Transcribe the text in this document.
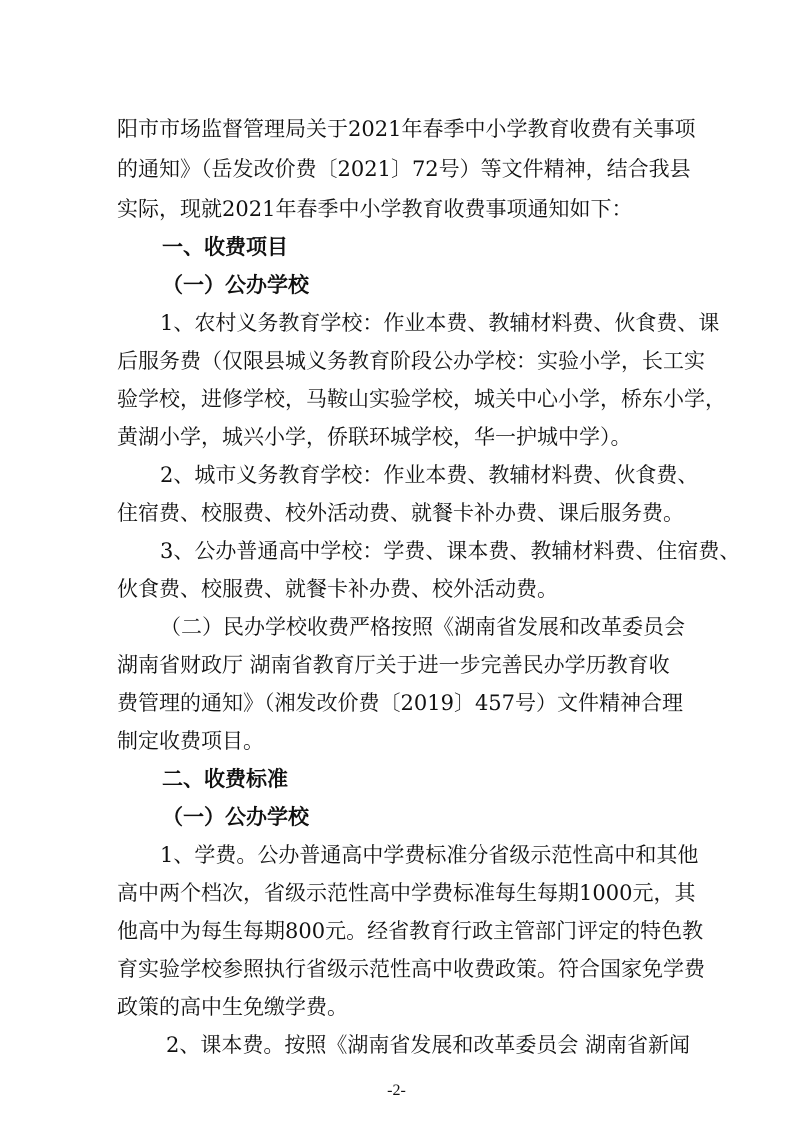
阳市市场监督管理局关于2021年春季中小学教育收费有关事项
的通知》（岳发改价费〔2021〕72号）等文件精神，结合我县
实际，现就2021年春季中小学教育收费事项通知如下：
一、收费项目
（一）公办学校
1、农村义务教育学校：作业本费、教辅材料费、伙食费、课
后服务费（仅限县城义务教育阶段公办学校：实验小学，长工实
验学校，进修学校，马鞍山实验学校，城关中心小学，桥东小学，
黄湖小学，城兴小学，侨联环城学校，华一护城中学）。
2、城市义务教育学校：作业本费、教辅材料费、伙食费、
住宿费、校服费、校外活动费、就餐卡补办费、课后服务费。
3、公办普通高中学校：学费、课本费、教辅材料费、住宿费、
伙食费、校服费、就餐卡补办费、校外活动费。
（二）民办学校收费严格按照《湖南省发展和改革委员会
湖南省财政厅 湖南省教育厅关于进一步完善民办学历教育收
费管理的通知》（湘发改价费〔2019〕457号）文件精神合理
制定收费项目。
二、收费标准
（一）公办学校
1、学费。公办普通高中学费标准分省级示范性高中和其他
高中两个档次，省级示范性高中学费标准每生每期1000元，其
他高中为每生每期800元。经省教育行政主管部门评定的特色教
育实验学校参照执行省级示范性高中收费政策。符合国家免学费
政策的高中生免缴学费。
2、课本费。按照《湖南省发展和改革委员会 湖南省新闻
-2-
